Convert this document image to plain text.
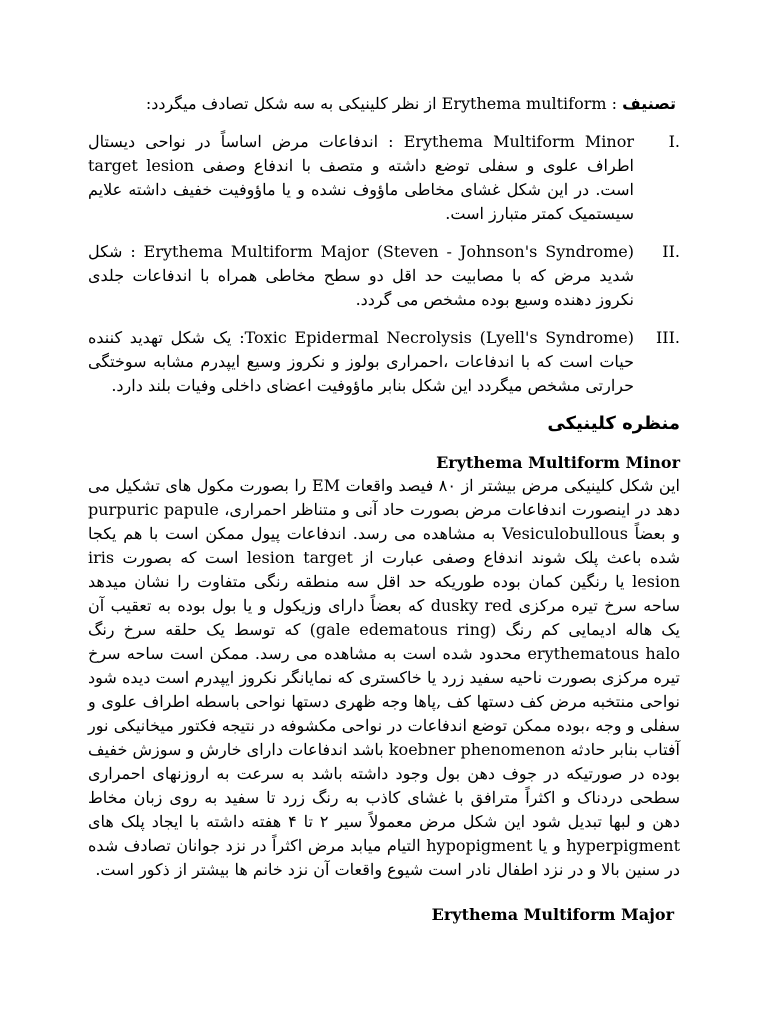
تصنیف : Erythema multiform از نظر کلینیکی به سه شکل تصادف میگردد:

I.

Erythema Multiform Minor : اندفاعات مرض اساساً در نواحی دیستال اطراف علوی و سفلی توضع داشته و متصف با اندفاع وصفی target lesion است. در این شکل غشای مخاطی ماؤوف نشده و یا ماؤوفیت خفیف داشته علایم سیستمیک کمتر متبارز است.

II.

Erythema Multiform Major (Steven - Johnson's Syndrome) : شکل شدید مرض که با مصابیت حد اقل دو سطح مخاطی همراه با اندفاعات جلدی نکروز دهنده وسیع بوده مشخص می گردد.

III.

Toxic Epidermal Necrolysis (Lyell's Syndrome): یک شکل تهدید کننده حیات است که با اندفاعات ،احمراری بولوز و نکروز وسیع ایپدرم مشابه سوختگی حرارتی مشخص میگردد این شکل بنابر ماؤوفیت اعضای داخلی وفیات بلند دارد.

منظره کلینیکی

Erythema Multiform Minor

این شکل کلینیکی مرض بیشتر از ۸۰ فیصد واقعات EM را بصورت مکول های تشکیل می دهد در اینصورت اندفاعات مرض بصورت حاد آنی و متناظر احمراری، purpuric papule و بعضاً Vesiculobullous به مشاهده می رسد. اندفاعات پیول ممکن است با هم یکجا شده باعث پلک شوند اندفاع وصفی عبارت از lesion target است که بصورت iris lesion یا رنگین کمان بوده طوریکه حد اقل سه منطقه رنگی متفاوت را نشان میدهد ساحه سرخ تیره مرکزی dusky red که بعضاً دارای وزیکول و یا بول بوده به تعقیب آن یک هاله ادیمایی کم رنگ (gale edematous ring) که توسط یک حلقه سرخ رنگ erythematous halo محدود شده است به مشاهده می رسد. ممکن است ساحه سرخ تیره مرکزی بصورت ناحیه سفید زرد یا خاکستری که نمایانگر نکروز ایپدرم است دیده شود نواحی منتخبه مرض کف دستها کف ,پاها وجه ظهری دستها نواحی باسطه اطراف علوی و سفلی و وجه ،بوده ممکن توضع اندفاعات در نواحی مکشوفه در نتیجه فکتور میخانیکی نور آفتاب بنابر حادثه koebner phenomenon باشد اندفاعات دارای خارش و سوزش خفیف بوده در صورتیکه در جوف دهن بول وجود داشته باشد به سرعت به اروزنهای احمراری سطحی دردناک و اکثراً مترافق با غشای کاذب به رنگ زرد تا سفید به روی زبان مخاط دهن و لبها تبدیل شود این شکل مرض معمولاً سیر ۲ تا ۴ هفته داشته با ایجاد پلک های hyperpigment و یا hypopigment التیام میابد مرض اکثراً در نزد جوانان تصادف شده در سنین بالا و در نزد اطفال نادر است شیوع واقعات آن نزد خانم ها بیشتر از ذکور است.

Erythema Multiform Major
